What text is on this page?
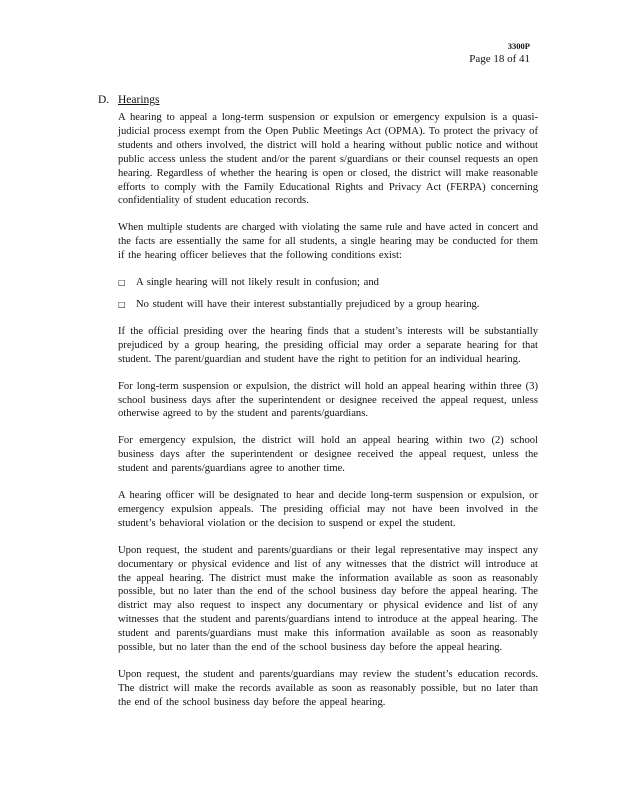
3300P
Page 18 of 41
D. Hearings

A hearing to appeal a long-term suspension or expulsion or emergency expulsion is a quasi-judicial process exempt from the Open Public Meetings Act (OPMA). To protect the privacy of students and others involved, the district will hold a hearing without public notice and without public access unless the student and/or the parent s/guardians or their counsel requests an open hearing. Regardless of whether the hearing is open or closed, the district will make reasonable efforts to comply with the Family Educational Rights and Privacy Act (FERPA) concerning confidentiality of student education records.

When multiple students are charged with violating the same rule and have acted in concert and the facts are essentially the same for all students, a single hearing may be conducted for them if the hearing officer believes that the following conditions exist:

□ A single hearing will not likely result in confusion; and
□ No student will have their interest substantially prejudiced by a group hearing.

If the official presiding over the hearing finds that a student’s interests will be substantially prejudiced by a group hearing, the presiding official may order a separate hearing for that student. The parent/guardian and student have the right to petition for an individual hearing.

For long-term suspension or expulsion, the district will hold an appeal hearing within three (3) school business days after the superintendent or designee received the appeal request, unless otherwise agreed to by the student and parents/guardians.

For emergency expulsion, the district will hold an appeal hearing within two (2) school business days after the superintendent or designee received the appeal request, unless the student and parents/guardians agree to another time.

A hearing officer will be designated to hear and decide long-term suspension or expulsion, or emergency expulsion appeals. The presiding official may not have been involved in the student’s behavioral violation or the decision to suspend or expel the student.

Upon request, the student and parents/guardians or their legal representative may inspect any documentary or physical evidence and list of any witnesses that the district will introduce at the appeal hearing. The district must make the information available as soon as reasonably possible, but no later than the end of the school business day before the appeal hearing. The district may also request to inspect any documentary or physical evidence and list of any witnesses that the student and parents/guardians intend to introduce at the appeal hearing. The student and parents/guardians must make this information available as soon as reasonably possible, but no later than the end of the school business day before the appeal hearing.

Upon request, the student and parents/guardians may review the student’s education records. The district will make the records available as soon as reasonably possible, but no later than the end of the school business day before the appeal hearing.
